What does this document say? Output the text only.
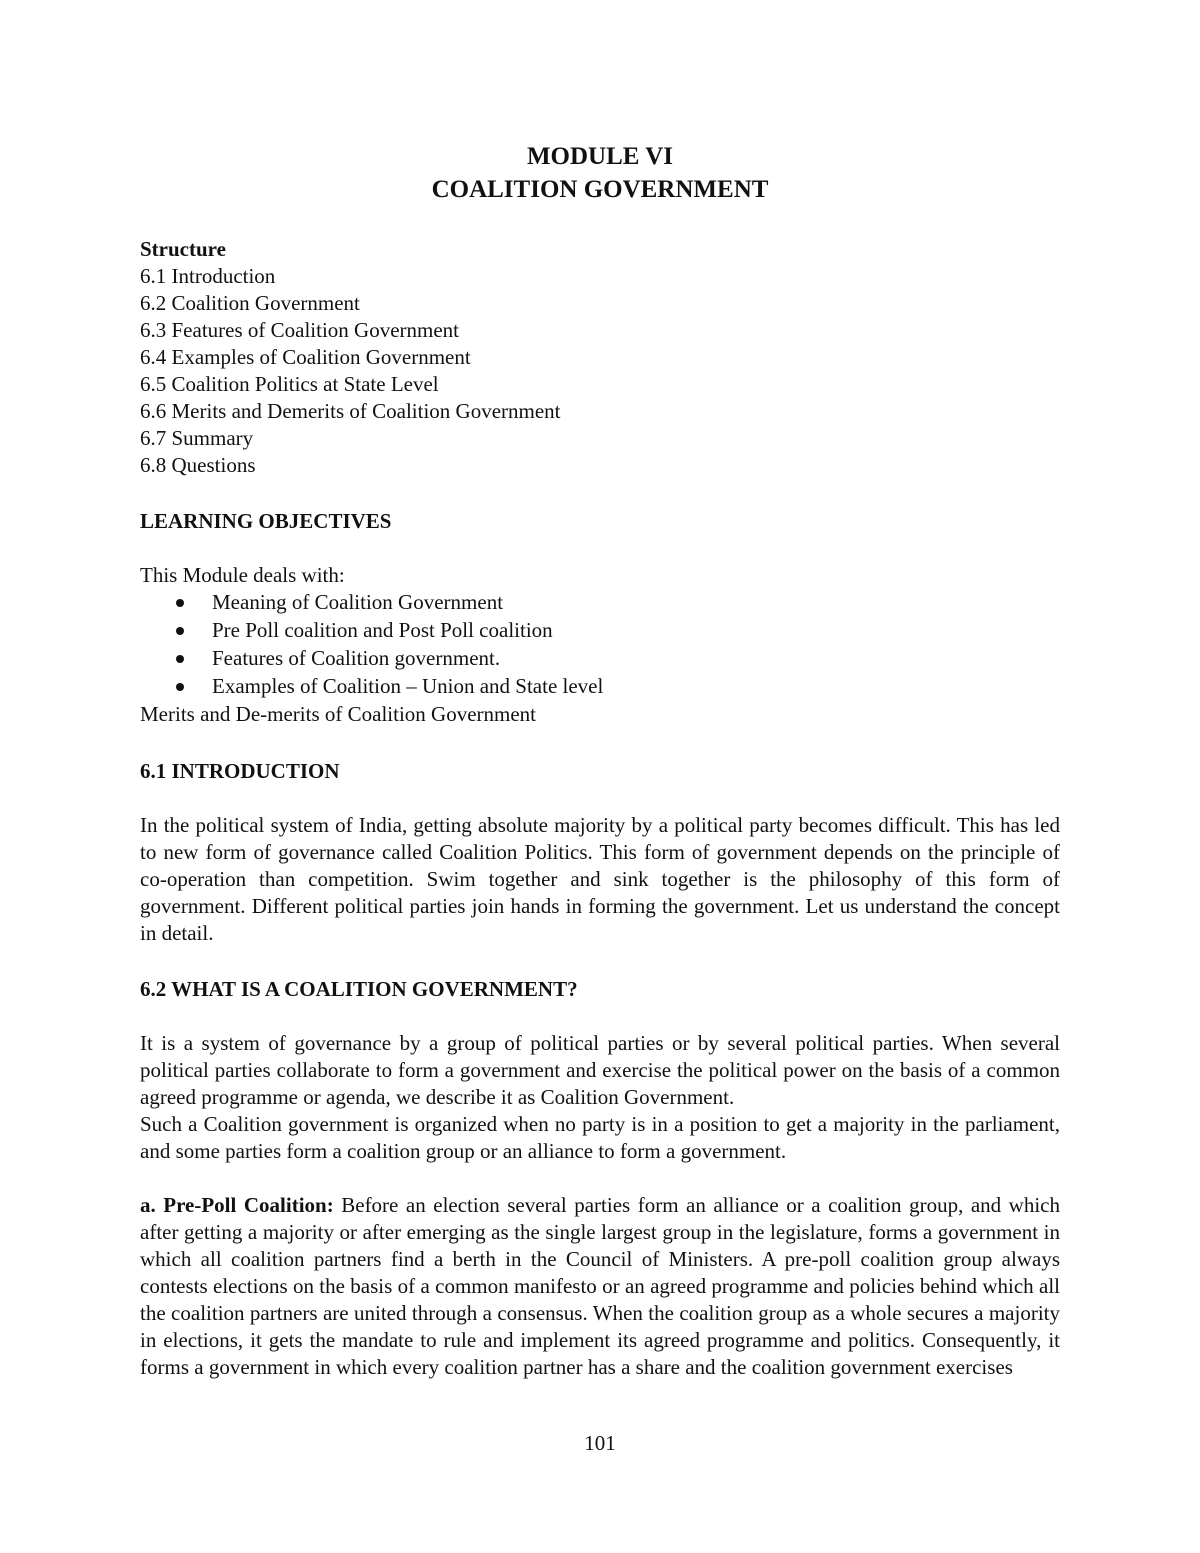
MODULE VI
COALITION GOVERNMENT
Structure
6.1 Introduction
6.2 Coalition Government
6.3 Features of Coalition Government
6.4 Examples of Coalition Government
6.5 Coalition Politics at State Level
6.6 Merits and Demerits of Coalition Government
6.7 Summary
6.8 Questions
LEARNING OBJECTIVES
This Module deals with:
Meaning of Coalition Government
Pre Poll coalition and Post Poll coalition
Features of Coalition government.
Examples of Coalition – Union and State level
Merits and De-merits of Coalition Government
6.1 INTRODUCTION

In the political system of India, getting absolute majority by a political party becomes difficult. This has led to new form of governance called Coalition Politics. This form of government depends on the principle of co-operation than competition. Swim together and sink together is the philosophy of this form of government. Different political parties join hands in forming the government. Let us understand the concept in detail.

6.2 WHAT IS A COALITION GOVERNMENT?

It is a system of governance by a group of political parties or by several political parties. When several political parties collaborate to form a government and exercise the political power on the basis of a common agreed programme or agenda, we describe it as Coalition Government.

Such a Coalition government is organized when no party is in a position to get a majority in the parliament, and some parties form a coalition group or an alliance to form a government.

a. Pre-Poll Coalition: Before an election several parties form an alliance or a coalition group, and which after getting a majority or after emerging as the single largest group in the legislature, forms a government in which all coalition partners find a berth in the Council of Ministers. A pre-poll coalition group always contests elections on the basis of a common manifesto or an agreed programme and policies behind which all the coalition partners are united through a consensus. When the coalition group as a whole secures a majority in elections, it gets the mandate to rule and implement its agreed programme and politics. Consequently, it forms a government in which every coalition partner has a share and the coalition government exercises

101
